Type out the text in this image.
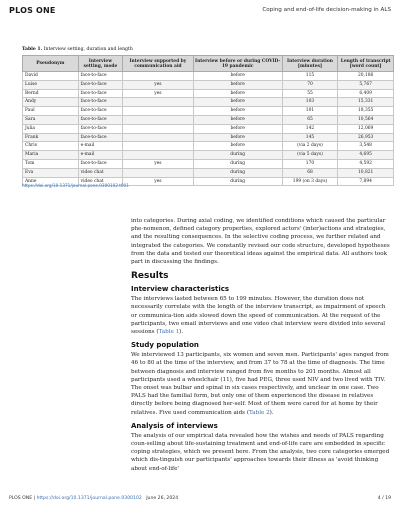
PLOS ONE	Coping and end-of-life decision-making in ALS
Table 1. Interview setting, duration and length
Pseudonym	Interview setting, mode	Interview supported by communication aid	Interview before or during COVID-19 pandemic	Interview duration [minutes]	Length of transcript [word count]
David	face-to-face		before	115	20,186
Luise	face-to-face	yes	before	70	5,767
Bernd	face-to-face	yes	before	55	6,409
Andy	face-to-face		before	103	15,331
Paul	face-to-face		before	101	18,355
Sara	face-to-face		before	65	10,564
Julia	face-to-face		before	142	12,069
Frank	face-to-face		before	145	26,953
Chris	e-mail		before	(via 2 days)	3,548
Maria	e-mail		during	(via 5 days)	4,695
Tom	face-to-face	yes	during	170	4,592
Eva	video chat		during	68	10,821
Anne	video chat	yes	during	199 (on 3 days)	7,894
https://doi.org/10.1371/journal.pone.0300102.t001

into categories. During axial coding, we identified conditions which caused the particular phe-nomenon, defined category properties, explored actors' (inter)actions and strategies, and the resulting consequences. In the selective coding process, we further related and integrated the categories. We constantly revised our code structure, developed hypotheses from the data and tested our theoretical ideas against the empirical data. All authors took part in discussing the findings.

Results
Interview characteristics

The interviews lasted between 65 to 199 minutes. However, the duration does not necessarily correlate with the length of the interview transcript, as impairment of speech or communica-tion aids slowed down the speed of communication. At the request of the participants, two email interviews and one video chat interview were divided into several sessions (Table 1).

Study population

We interviewed 13 participants, six women and seven men. Participants' ages ranged from 46 to 80 at the time of the interview, and from 37 to 78 at the time of diagnosis. The time between diagnosis and interview ranged from five months to 201 months. Almost all participants used a wheelchair (11), five had PEG, three used NIV and two lived with TIV. The onset was bulbar and spinal in six cases respectively, and unclear in one case. Two PALS had the familial form, but only one of them experienced the disease in relatives directly before being diagnosed her-self. Most of them were cared for at home by their relatives. Five used communication aids (Table 2).

Analysis of interviews

The analysis of our empirical data revealed how the wishes and needs of PALS regarding coun-selling about life-sustaining treatment and end-of-life care are embedded in specific coping strategies, which we present here. From the analysis, two core categories emerged which dis-tinguish our participants' approaches towards their illness as 'avoid thinking about end-of-life'

PLOS ONE | https://doi.org/10.1371/journal.pone.0300102 June 26, 2024	4 / 19
